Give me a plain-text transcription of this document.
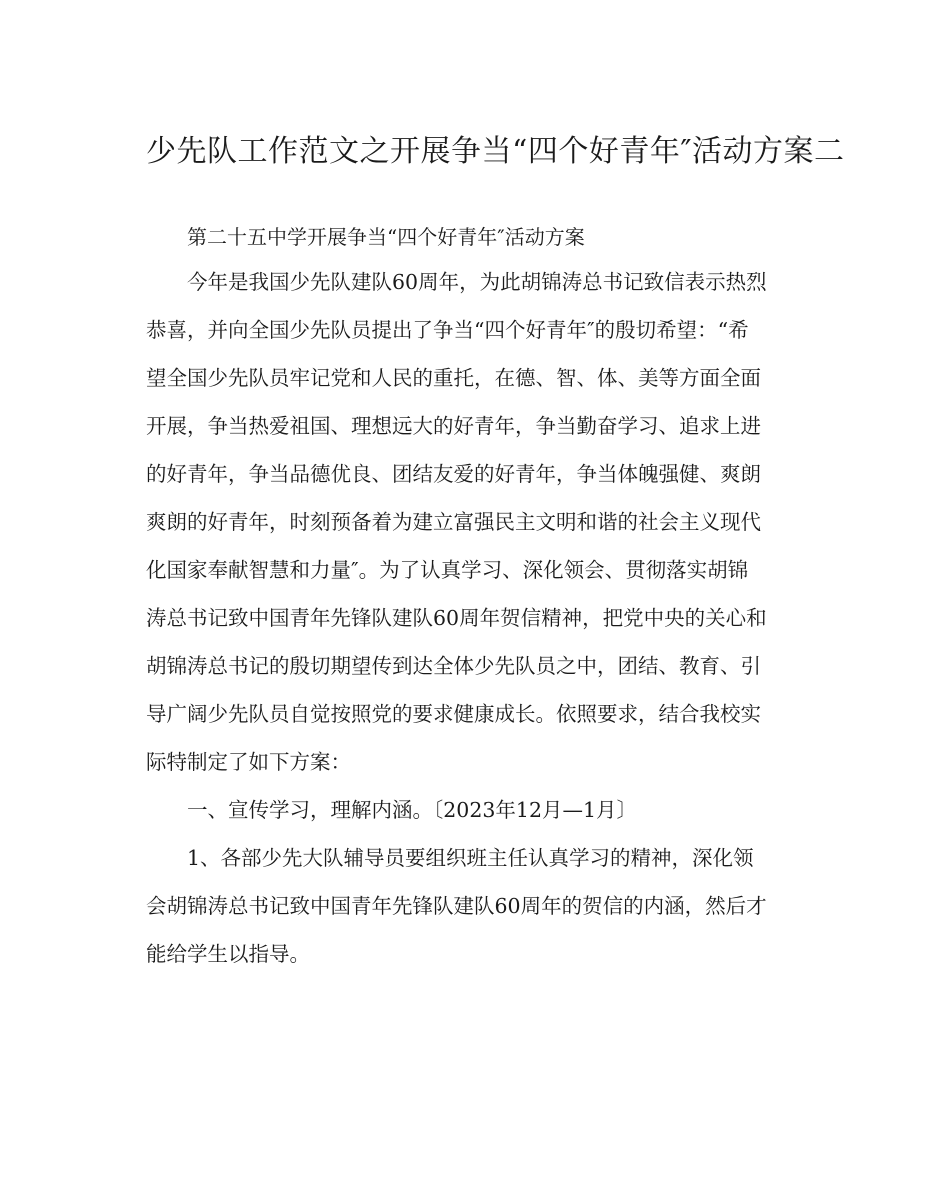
少先队工作范文之开展争当“四个好青年″活动方案二
第二十五中学开展争当“四个好青年″活动方案
今年是我国少先队建队60周年，为此胡锦涛总书记致信表示热烈
恭喜，并向全国少先队员提出了争当“四个好青年″的殷切希望：“希
望全国少先队员牢记党和人民的重托，在德、智、体、美等方面全面
开展，争当热爱祖国、理想远大的好青年，争当勤奋学习、追求上进
的好青年，争当品德优良、团结友爱的好青年，争当体魄强健、爽朗
爽朗的好青年，时刻预备着为建立富强民主文明和谐的社会主义现代
化国家奉献智慧和力量″。为了认真学习、深化领会、贯彻落实胡锦
涛总书记致中国青年先锋队建队60周年贺信精神，把党中央的关心和
胡锦涛总书记的殷切期望传到达全体少先队员之中，团结、教育、引
导广阔少先队员自觉按照党的要求健康成长。依照要求，结合我校实
际特制定了如下方案：
一、宣传学习，理解内涵。〔2023年12月—1月〕
1、各部少先大队辅导员要组织班主任认真学习的精神，深化领
会胡锦涛总书记致中国青年先锋队建队60周年的贺信的内涵，然后才
能给学生以指导。
